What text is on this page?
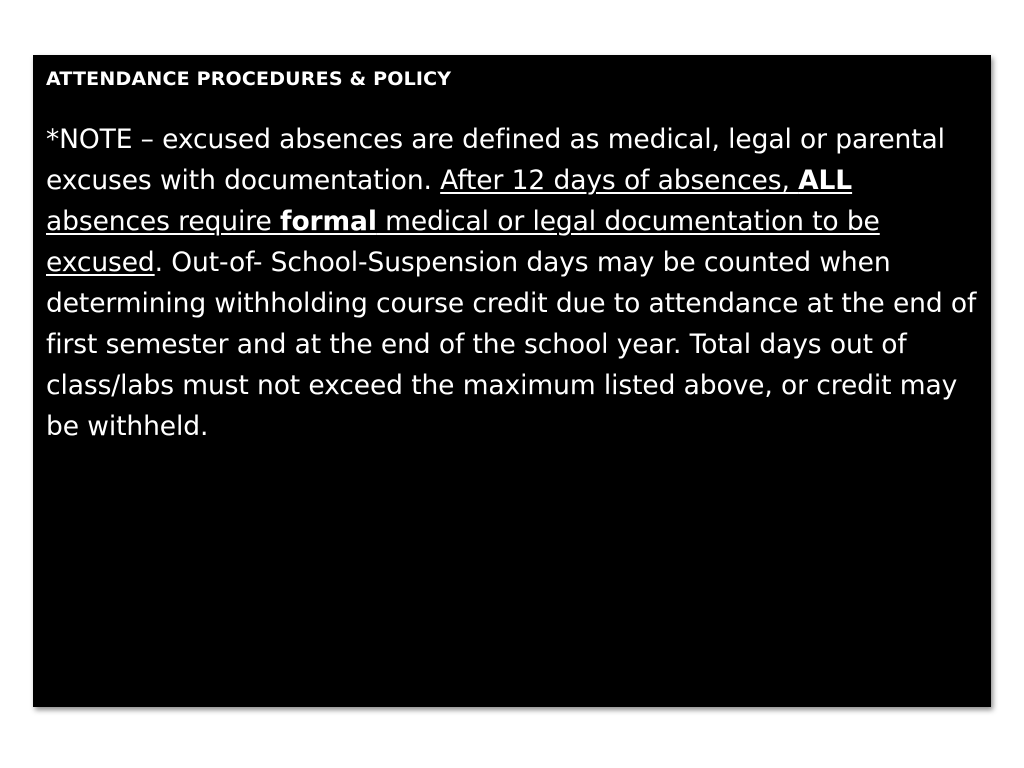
ATTENDANCE PROCEDURES & POLICY

*NOTE – excused absences are defined as medical, legal or parental excuses with documentation. After 12 days of absences, ALL absences require formal medical or legal documentation to be excused. Out-of- School-Suspension days may be counted when determining withholding course credit due to attendance at the end of first semester and at the end of the school year. Total days out of class/labs must not exceed the maximum listed above, or credit may be withheld.
